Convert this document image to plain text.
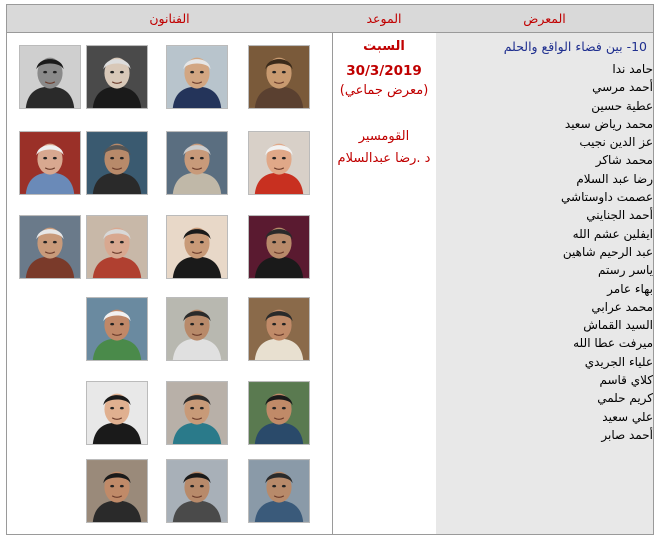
الفنانون	الموعد
السبت
30/3/2019
(معرض جماعي)
القومسير
د .رضا عبدالسلام
المعرض
10- بين فضاء الواقع والحلم
حامد ندا
أحمد مرسي
عطية حسين
محمد رياض سعيد
عز الدين نجيب
محمد شاكر
رضا عبد السلام
عصمت داوستاشي
أحمد الجنايني
ايفلين عشم الله
عبد الرحيم شاهين
ياسر رستم
بهاء عامر
محمد عرابي
السيد القماش
ميرفت عطا الله
علياء الجريدي
كلاي قاسم
كريم حلمي
علي سعيد
أحمد صابر
